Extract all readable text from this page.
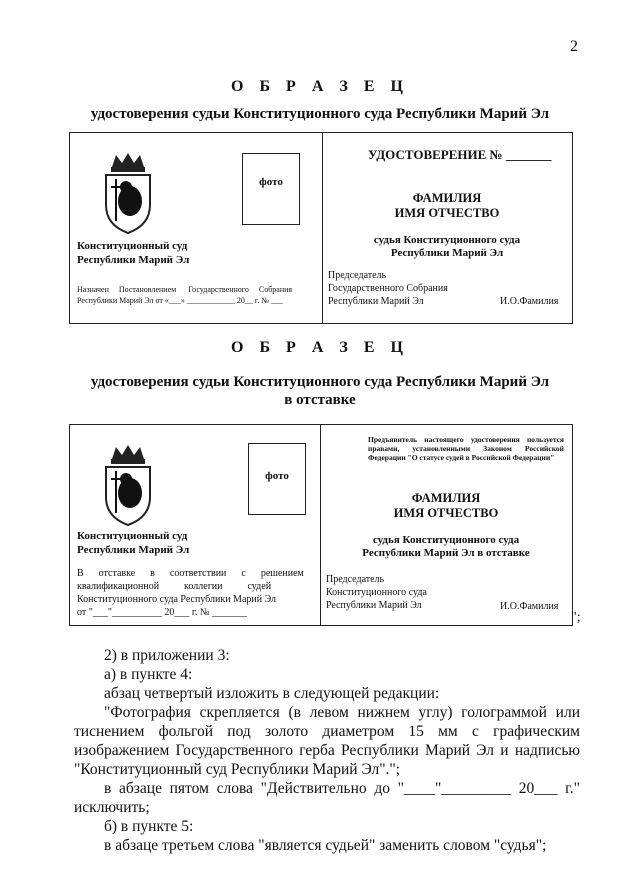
2
О Б Р А З Е Ц
удостоверения судьи Конституционного суда Республики Марий Эл
фото
Конституционный суд
Республики Марий Эл
Назначен     Постановлением      Государственного     Собрания
Республики Марий Эл от «___» ____________ 20__ г. № ___
УДОСТОВЕРЕНИЕ № _______
ФАМИЛИЯ
ИМЯ ОТЧЕСТВО
судья Конституционного суда
Республики Марий Эл
Председатель
Государственного Собрания
Республики Марий Эл	И.О.Фамилия
О Б Р А З Е Ц
удостоверения судьи Конституционного суда Республики Марий Эл
в отставке
фото
Конституционный суд
Республики Марий Эл
В      отставке      в      соответствии      с      решением
квалификационной          коллегии          судей
Конституционного суда Республики Марий Эл
от "___"__________ 20___ г. № _______
Предъявитель настоящего удостоверения пользуется правами, установленными Законом Российской Федерации "О статусе судей в Российской Федерации"
ФАМИЛИЯ
ИМЯ ОТЧЕСТВО
судья Конституционного суда
Республики Марий Эл в отставке
Председатель
Конституционного суда
Республики Марий Эл	И.О.Фамилия
";
2) в приложении 3:
а) в пункте 4:
абзац четвертый изложить в следующей редакции:
"Фотография скрепляется (в левом нижнем углу) голограммой или
тиснением фольгой под золото диаметром 15 мм с графическим
изображением Государственного герба Республики Марий Эл и надписью
"Конституционный суд Республики Марий Эл".";
в абзаце пятом слова "Действительно до "____"_________ 20___ г."
исключить;
б) в пункте 5:
в абзаце третьем слова "является судьей" заменить словом "судья";
